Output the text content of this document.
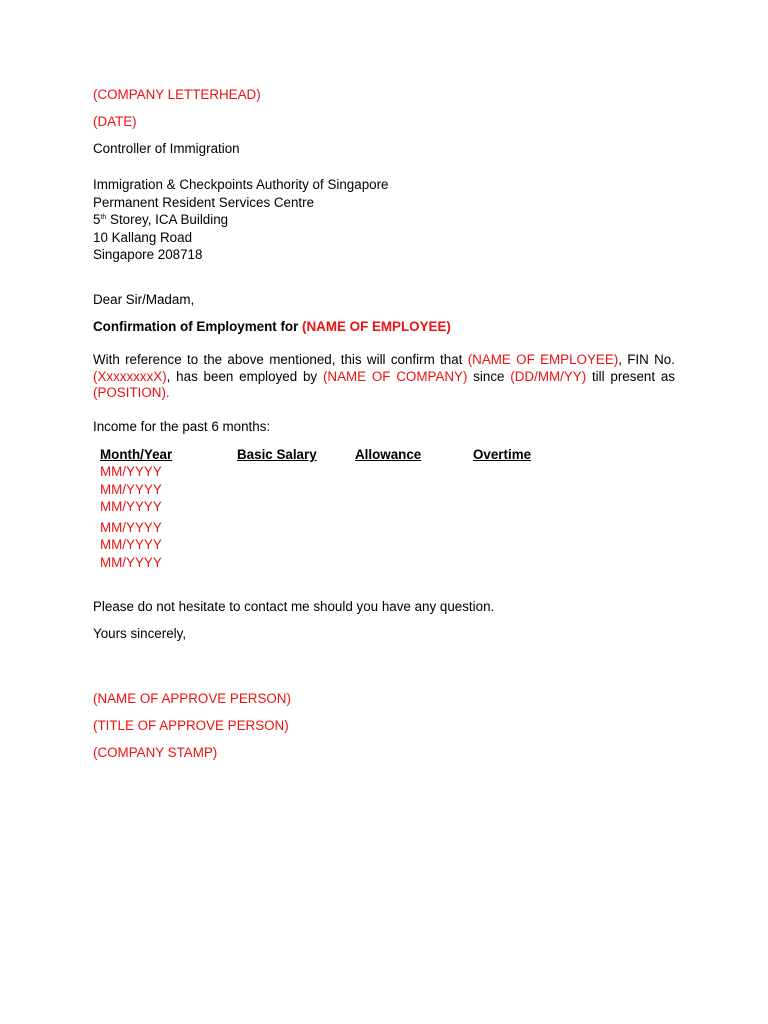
(COMPANY LETTERHEAD)
(DATE)
Controller of Immigration
Immigration & Checkpoints Authority of Singapore
Permanent Resident Services Centre
5th Storey, ICA Building
10 Kallang Road
Singapore 208718
Dear Sir/Madam,
Confirmation of Employment for (NAME OF EMPLOYEE)
With reference to the above mentioned, this will confirm that (NAME OF EMPLOYEE), FIN No. (XxxxxxxxX), has been employed by (NAME OF COMPANY) since (DD/MM/YY) till present as (POSITION).
Income for the past 6 months:
Month/Year	Basic Salary	Allowance	Overtime
MM/YYYY
MM/YYYY
MM/YYYY
MM/YYYY
MM/YYYY
MM/YYYY
Please do not hesitate to contact me should you have any question.
Yours sincerely,
(NAME OF APPROVE PERSON)
(TITLE OF APPROVE PERSON)
(COMPANY STAMP)
